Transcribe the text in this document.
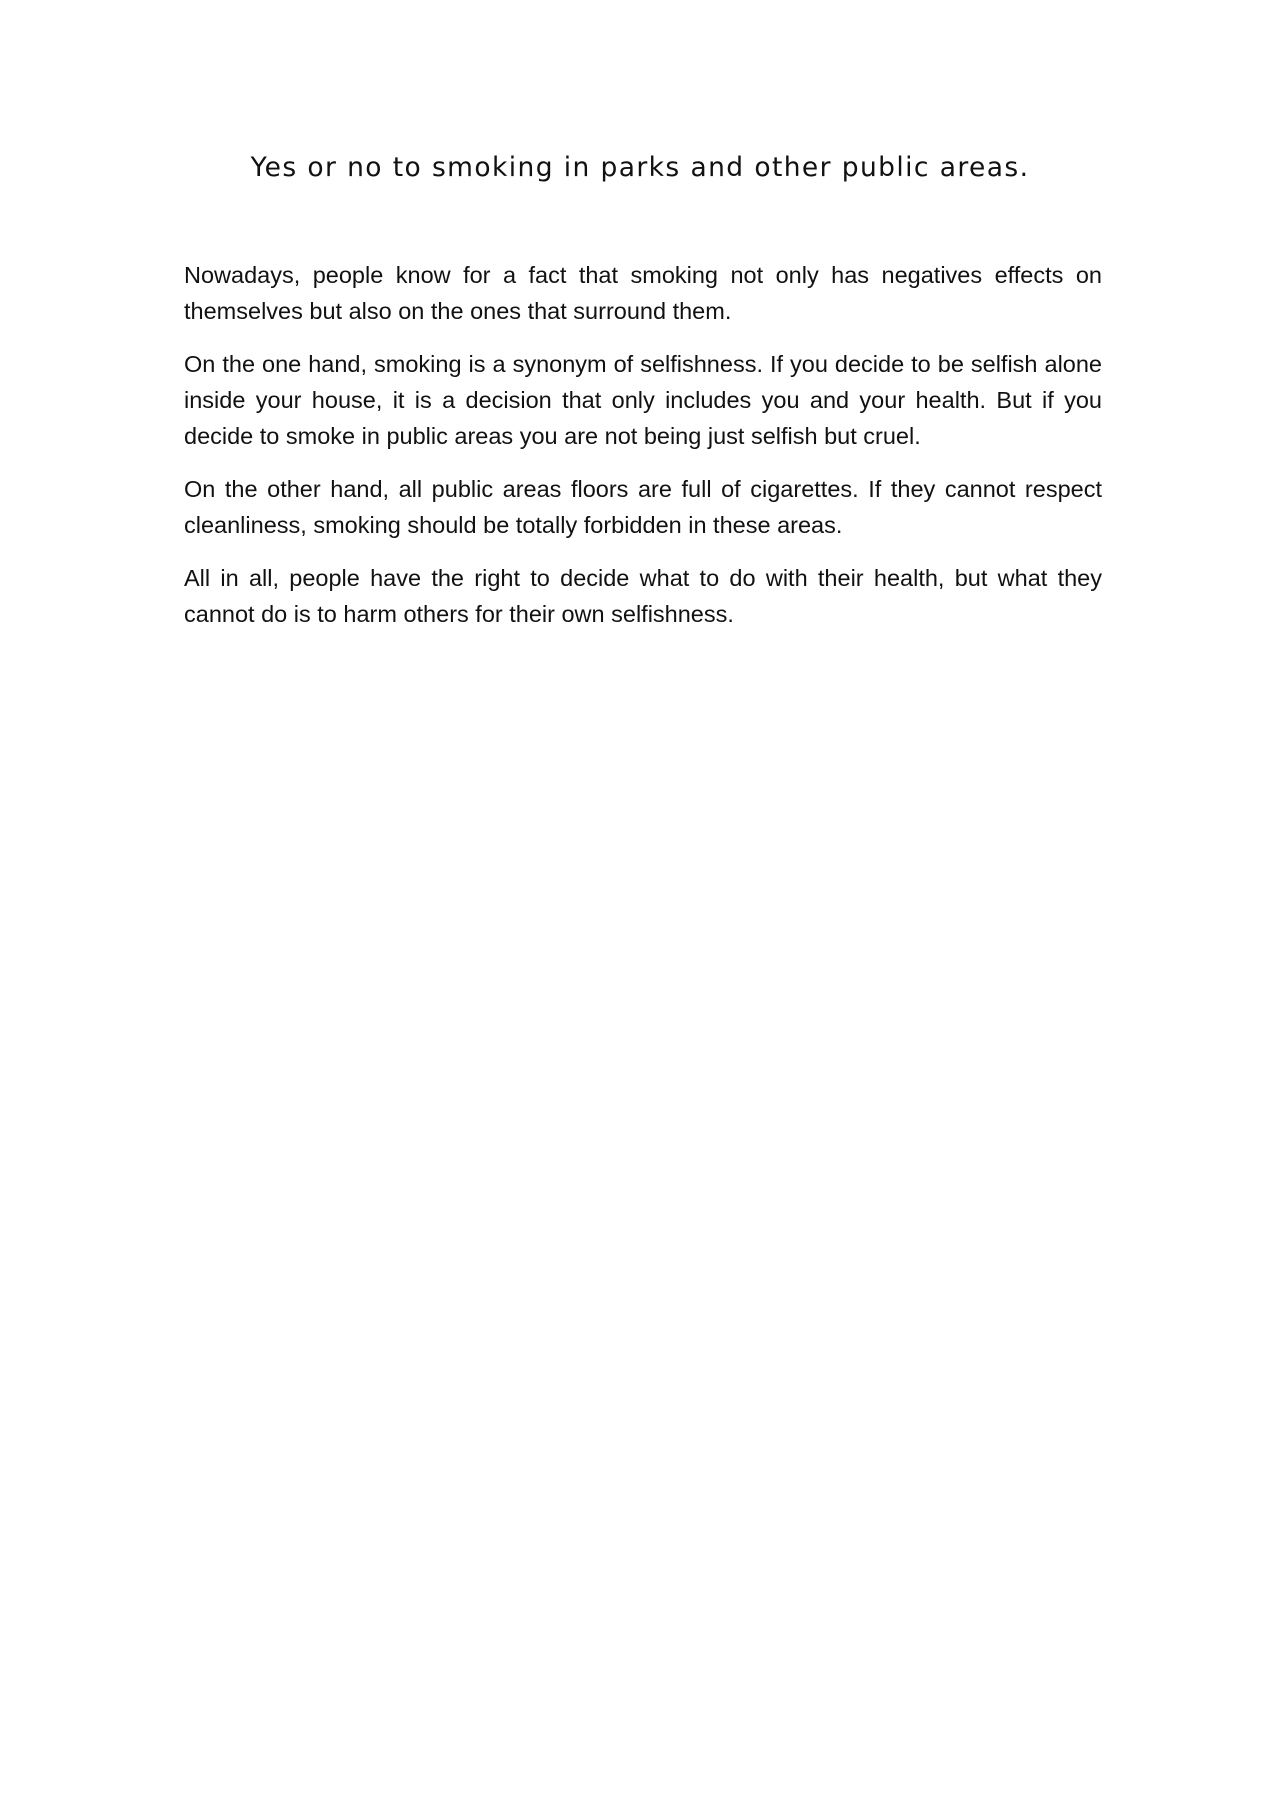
Yes or no to smoking in parks and other public areas.

Nowadays, people know for a fact that smoking not only has negatives effects on themselves but also on the ones that surround them.

On the one hand, smoking is a synonym of selfishness. If you decide to be selfish alone inside your house, it is a decision that only includes you and your health. But if you decide to smoke in public areas you are not being just selfish but cruel.

On the other hand, all public areas floors are full of cigarettes. If they cannot respect cleanliness, smoking should be totally forbidden in these areas.

All in all, people have the right to decide what to do with their health, but what they cannot do is to harm others for their own selfishness.
